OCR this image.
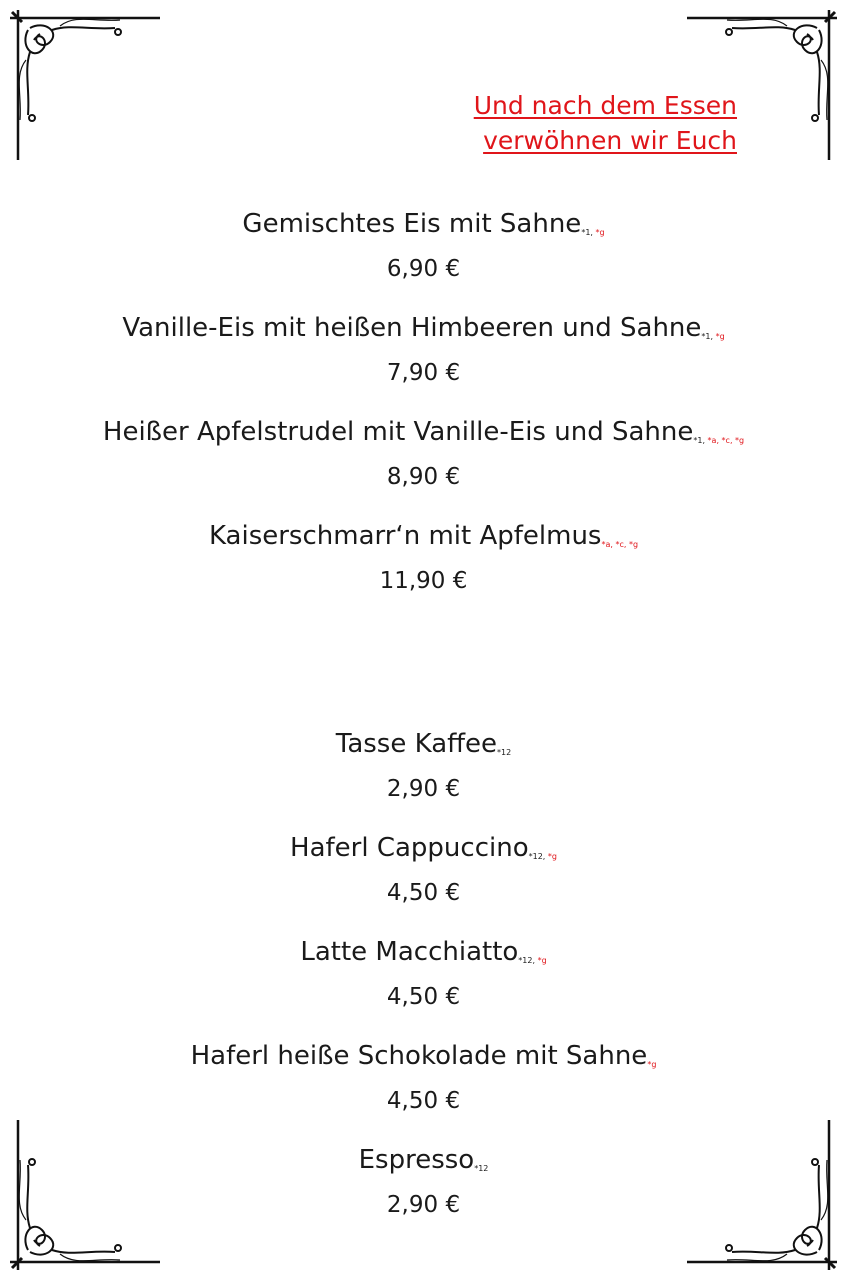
Und nach dem Essen
verwöhnen wir Euch
Gemischtes Eis mit Sahne*1, *g
6,90 €
Vanille-Eis mit heißen Himbeeren und Sahne*1, *g
7,90 €
Heißer Apfelstrudel mit Vanille-Eis und Sahne*1, *a, *c, *g
8,90 €
Kaiserschmarr‘n mit Apfelmus*a, *c, *g
11,90 €
Tasse Kaffee*12
2,90 €
Haferl Cappuccino*12, *g
4,50 €
Latte Macchiatto*12, *g
4,50 €
Haferl heiße Schokolade mit Sahne*g
4,50 €
Espresso*12
2,90 €
